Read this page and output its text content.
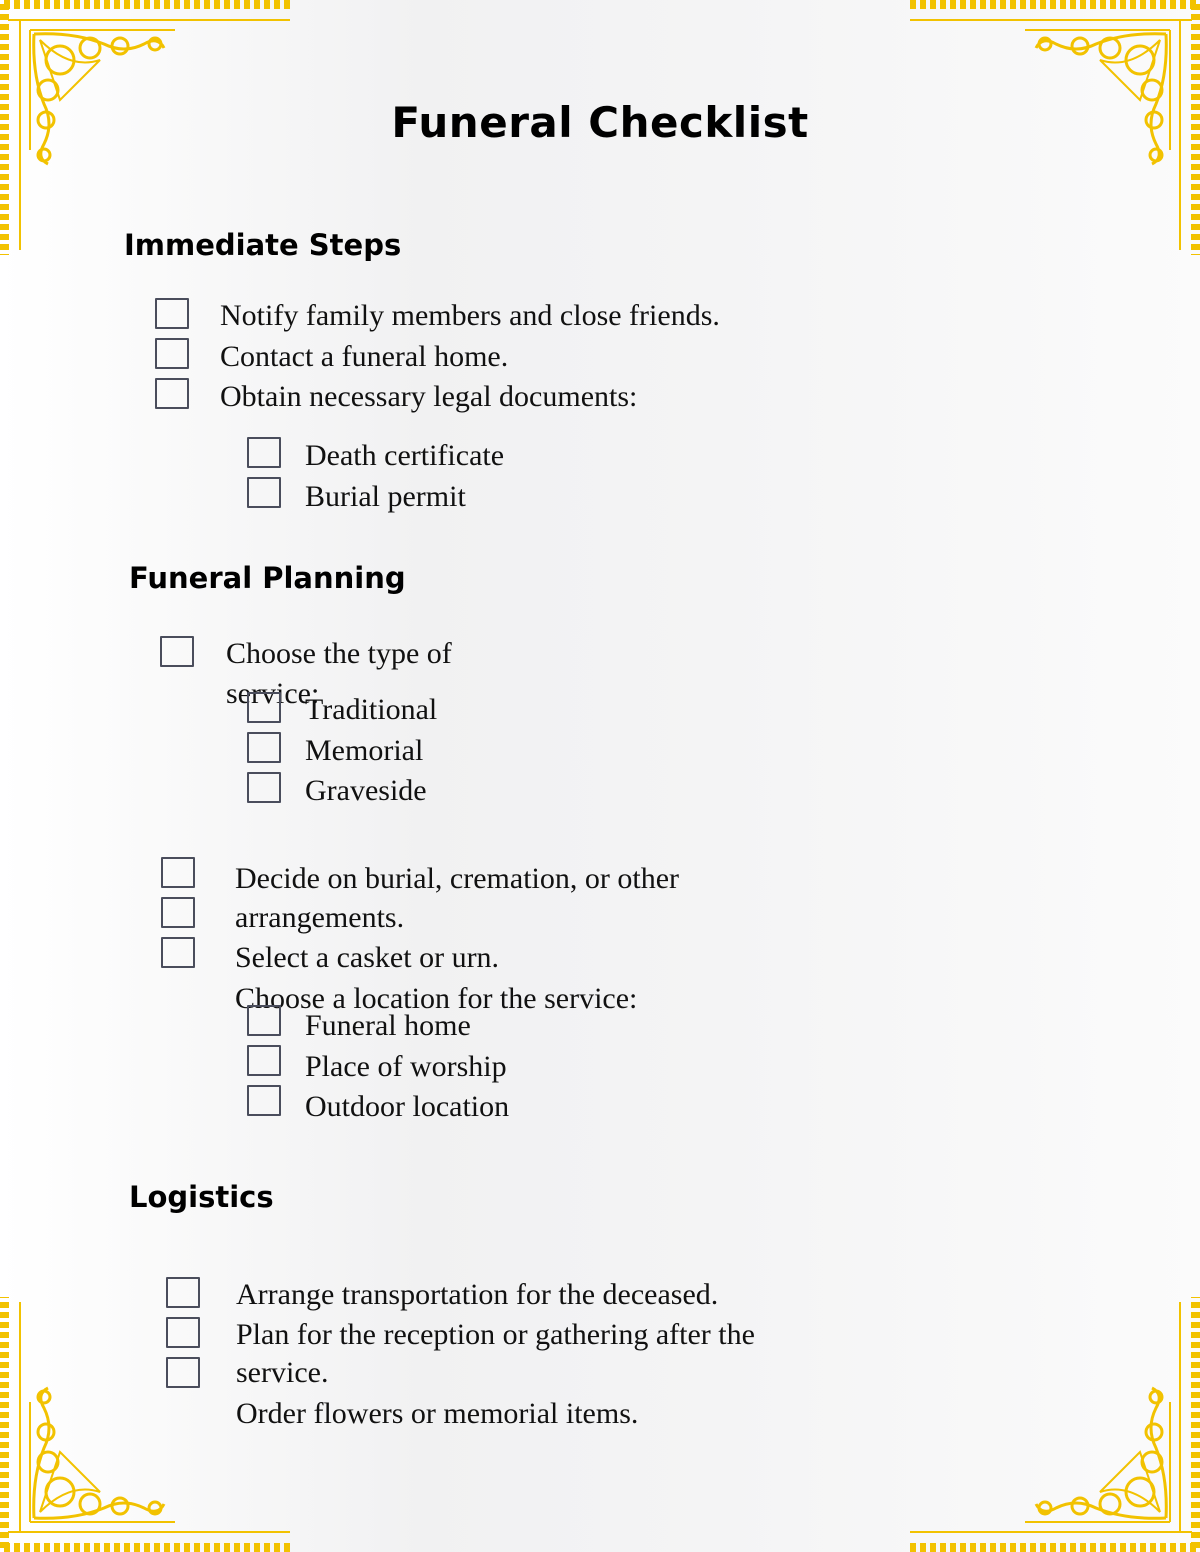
Funeral Checklist
Immediate Steps
Notify family members and close friends.
Contact a funeral home.
Obtain necessary legal documents:
Death certificate
Burial permit
Funeral Planning
Choose the type of service:
Traditional
Memorial
Graveside
Decide on burial, cremation, or other arrangements.
Select a casket or urn.
Choose a location for the service:
Funeral home
Place of worship
Outdoor location
Logistics
Arrange transportation for the deceased.
Plan for the reception or gathering after the service.
Order flowers or memorial items.
